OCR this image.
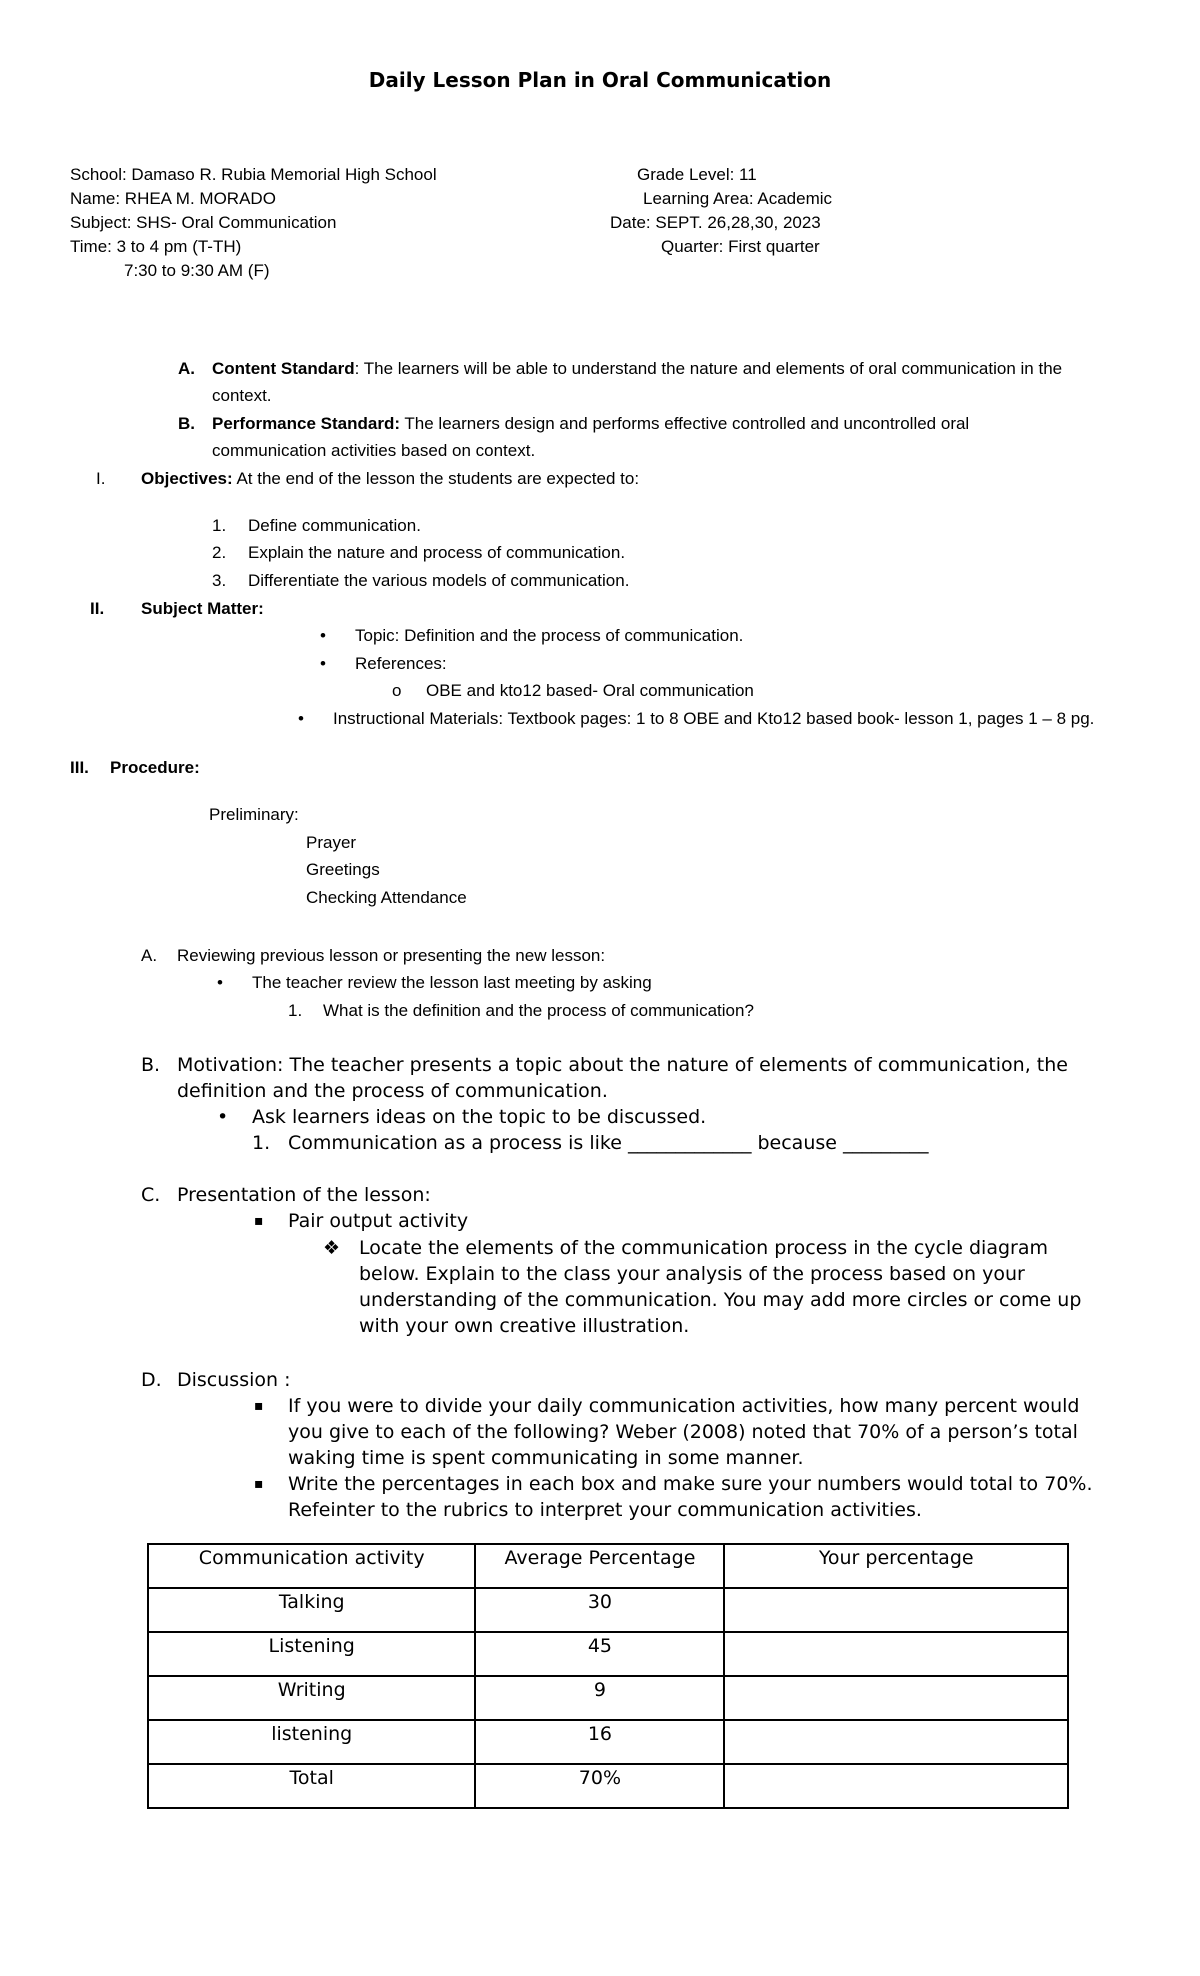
Daily Lesson Plan in Oral Communication
School: Damaso R. Rubia Memorial High School
Name: RHEA M. MORADO
Subject: SHS- Oral Communication
Time: 3 to 4 pm (T-TH)
7:30 to 9:30 AM (F)
Grade Level: 11
Learning Area: Academic
Date: SEPT. 26,28,30, 2023
Quarter: First quarter
A. Content Standard: The learners will be able to understand the nature and elements of oral communication in the
context.
B. Performance Standard: The learners design and performs effective controlled and uncontrolled oral
communication activities based on context.
I. Objectives: At the end of the lesson the students are expected to:
1. Define communication.
2. Explain the nature and process of communication.
3. Differentiate the various models of communication.
II. Subject Matter:
• Topic: Definition and the process of communication.
• References:
o OBE and kto12 based- Oral communication
• Instructional Materials: Textbook pages: 1 to 8 OBE and Kto12 based book- lesson 1, pages 1 – 8 pg.
III. Procedure:
Preliminary:
Prayer
Greetings
Checking Attendance
A. Reviewing previous lesson or presenting the new lesson:
• The teacher review the lesson last meeting by asking
1. What is the definition and the process of communication?
B. Motivation: The teacher presents a topic about the nature of elements of communication, the
definition and the process of communication.
• Ask learners ideas on the topic to be discussed.
1. Communication as a process is like _____________ because _________
C. Presentation of the lesson:
▪ Pair output activity
❖ Locate the elements of the communication process in the cycle diagram
below. Explain to the class your analysis of the process based on your
understanding of the communication. You may add more circles or come up
with your own creative illustration.
D. Discussion :
▪ If you were to divide your daily communication activities, how many percent would
you give to each of the following? Weber (2008) noted that 70% of a person’s total
waking time is spent communicating in some manner.
▪ Write the percentages in each box and make sure your numbers would total to 70%.
Refeinter to the rubrics to interpret your communication activities.
Communication activity	Average Percentage	Your percentage
Talking	30	
Listening	45	
Writing	9	
listening	16	
Total	70%	
